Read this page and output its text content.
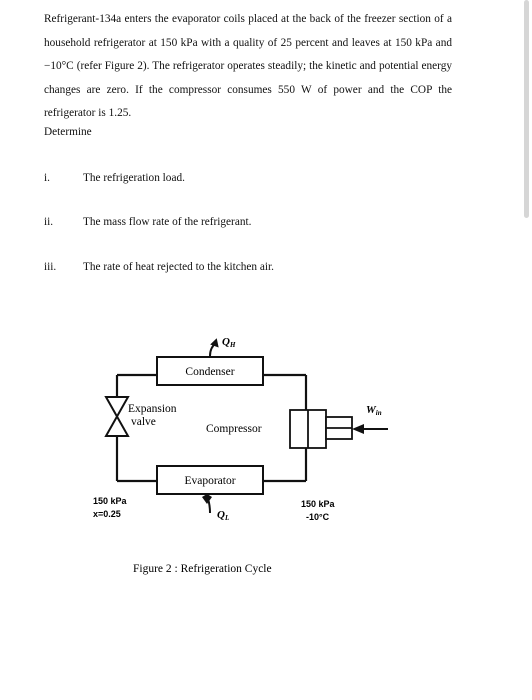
Refrigerant-134a enters the evaporator coils placed at the back of the freezer section of a household refrigerator at 150 kPa with a quality of 25 percent and leaves at 150 kPa and −10°C (refer Figure 2). The refrigerator operates steadily; the kinetic and potential energy changes are zero. If the compressor consumes 550 W of power and the COP the refrigerator is 1.25.

Determine

i.	The refrigeration load.
ii.	The mass flow rate of the refrigerant.
iii. The rate of heat rejected to the kitchen air.
Condenser
Evaporator
Expansion
valve
Compressor
Win
QH
QL
150 kPa
x=0.25
150 kPa
-10°C
Figure 2 : Refrigeration Cycle
